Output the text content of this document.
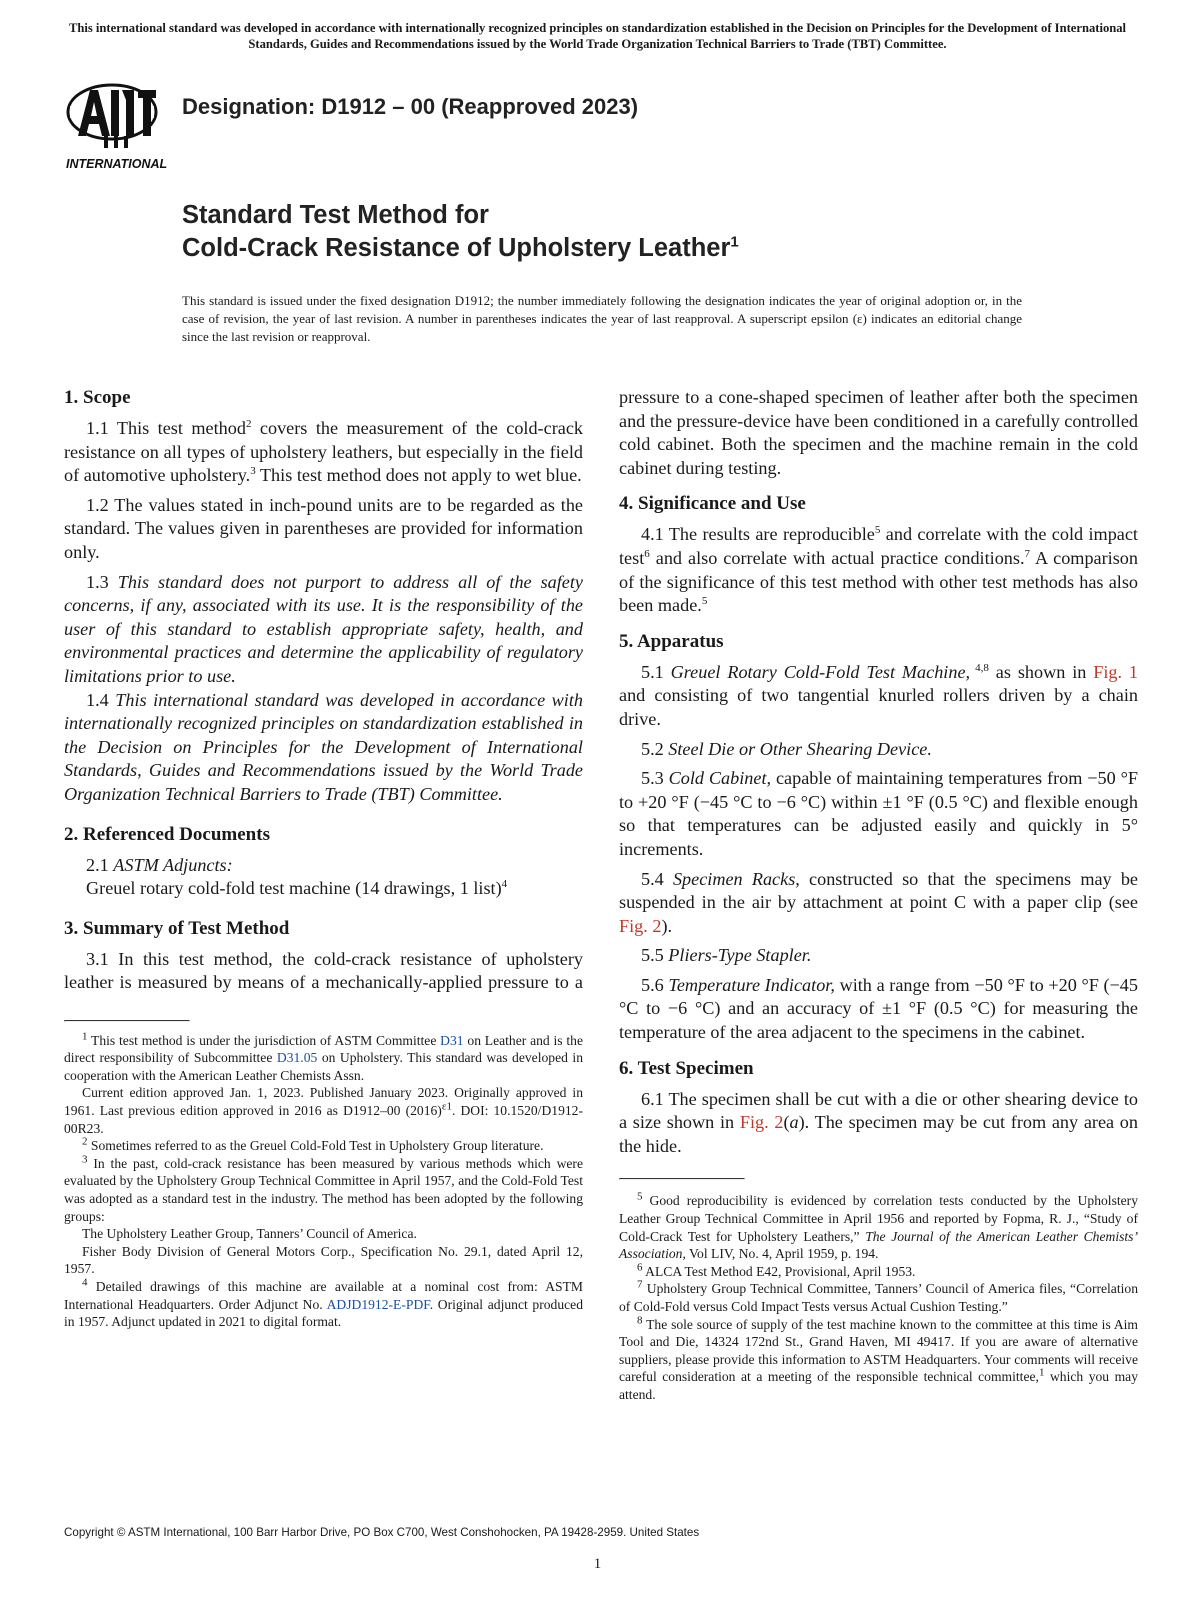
This international standard was developed in accordance with internationally recognized principles on standardization established in the Decision on Principles for the Development of International Standards, Guides and Recommendations issued by the World Trade Organization Technical Barriers to Trade (TBT) Committee.
INTERNATIONAL
Designation: D1912 – 00 (Reapproved 2023)
Standard Test Method for
Cold-Crack Resistance of Upholstery Leather$^1$
This standard is issued under the fixed designation D1912; the number immediately following the designation indicates the year of original adoption or, in the case of revision, the year of last revision. A number in parentheses indicates the year of last reapproval. A superscript epsilon (ε) indicates an editorial change since the last revision or reapproval.
1. Scope

1.1 This test method$^2$ covers the measurement of the cold-crack resistance on all types of upholstery leathers, but especially in the field of automotive upholstery.$^3$ This test method does not apply to wet blue.

1.2 The values stated in inch-pound units are to be regarded as the standard. The values given in parentheses are provided for information only.

1.3 This standard does not purport to address all of the safety concerns, if any, associated with its use. It is the responsibility of the user of this standard to establish appropriate safety, health, and environmental practices and determine the applicability of regulatory limitations prior to use.

1.4 This international standard was developed in accordance with internationally recognized principles on standardization established in the Decision on Principles for the Development of International Standards, Guides and Recommendations issued by the World Trade Organization Technical Barriers to Trade (TBT) Committee.

2. Referenced Documents

2.1 ASTM Adjuncts:

Greuel rotary cold-fold test machine (14 drawings, 1 list)$^4$

3. Summary of Test Method

3.1 In this test method, the cold-crack resistance of upholstery leather is measured by means of a mechanically-applied pressure to a

$^1$ This test method is under the jurisdiction of ASTM Committee D31 on Leather and is the direct responsibility of Subcommittee D31.05 on Upholstery. This standard was developed in cooperation with the American Leather Chemists Assn.

Current edition approved Jan. 1, 2023. Published January 2023. Originally approved in 1961. Last previous edition approved in 2016 as D1912–00 $(2016)^{\varepsilon 1}$. DOI: 10.1520/D1912-00R23.

$^2$ Sometimes referred to as the Greuel Cold-Fold Test in Upholstery Group literature.

$^3$ In the past, cold-crack resistance has been measured by various methods which were evaluated by the Upholstery Group Technical Committee in April 1957, and the Cold-Fold Test was adopted as a standard test in the industry. The method has been adopted by the following groups:

The Upholstery Leather Group, Tanners’ Council of America.

Fisher Body Division of General Motors Corp., Specification No. 29.1, dated April 12, 1957.

$^4$ Detailed drawings of this machine are available at a nominal cost from: ASTM International Headquarters. Order Adjunct No. ADJD1912-E-PDF. Original adjunct produced in 1957. Adjunct updated in 2021 to digital format.

pressure to a cone-shaped specimen of leather after both the specimen and the pressure-device have been conditioned in a carefully controlled cold cabinet. Both the specimen and the machine remain in the cold cabinet during testing.

4. Significance and Use

4.1 The results are reproducible$^5$ and correlate with the cold impact test$^6$ and also correlate with actual practice conditions.$^7$ A comparison of the significance of this test method with other test methods has also been made.$^5$

5. Apparatus

5.1 Greuel Rotary Cold-Fold Test Machine, $^{4,8}$ as shown in Fig. 1 and consisting of two tangential knurled rollers driven by a chain drive.

5.2 Steel Die or Other Shearing Device.

5.3 Cold Cabinet, capable of maintaining temperatures from −50 °F to +20 °F (−45 °C to −6 °C) within ±1 °F (0.5 °C) and flexible enough so that temperatures can be adjusted easily and quickly in 5° increments.

5.4 Specimen Racks, constructed so that the specimens may be suspended in the air by attachment at point C with a paper clip (see Fig. 2).

5.5 Pliers-Type Stapler.

5.6 Temperature Indicator, with a range from −50 °F to +20 °F (−45 °C to −6 °C) and an accuracy of ±1 °F (0.5 °C) for measuring the temperature of the area adjacent to the specimens in the cabinet.

6. Test Specimen

6.1 The specimen shall be cut with a die or other shearing device to a size shown in Fig. 2(a). The specimen may be cut from any area on the hide.

$^5$ Good reproducibility is evidenced by correlation tests conducted by the Upholstery Leather Group Technical Committee in April 1956 and reported by Fopma, R. J., “Study of Cold-Crack Test for Upholstery Leathers,” The Journal of the American Leather Chemists’ Association, Vol LIV, No. 4, April 1959, p. 194.

$^6$ ALCA Test Method E42, Provisional, April 1953.

$^7$ Upholstery Group Technical Committee, Tanners’ Council of America files, “Correlation of Cold-Fold versus Cold Impact Tests versus Actual Cushion Testing.”

$^8$ The sole source of supply of the test machine known to the committee at this time is Aim Tool and Die, 14324 172nd St., Grand Haven, MI 49417. If you are aware of alternative suppliers, please provide this information to ASTM Headquarters. Your comments will receive careful consideration at a meeting of the responsible technical committee,$^1$ which you may attend.

Copyright © ASTM International, 100 Barr Harbor Drive, PO Box C700, West Conshohocken, PA 19428-2959. United States
1
